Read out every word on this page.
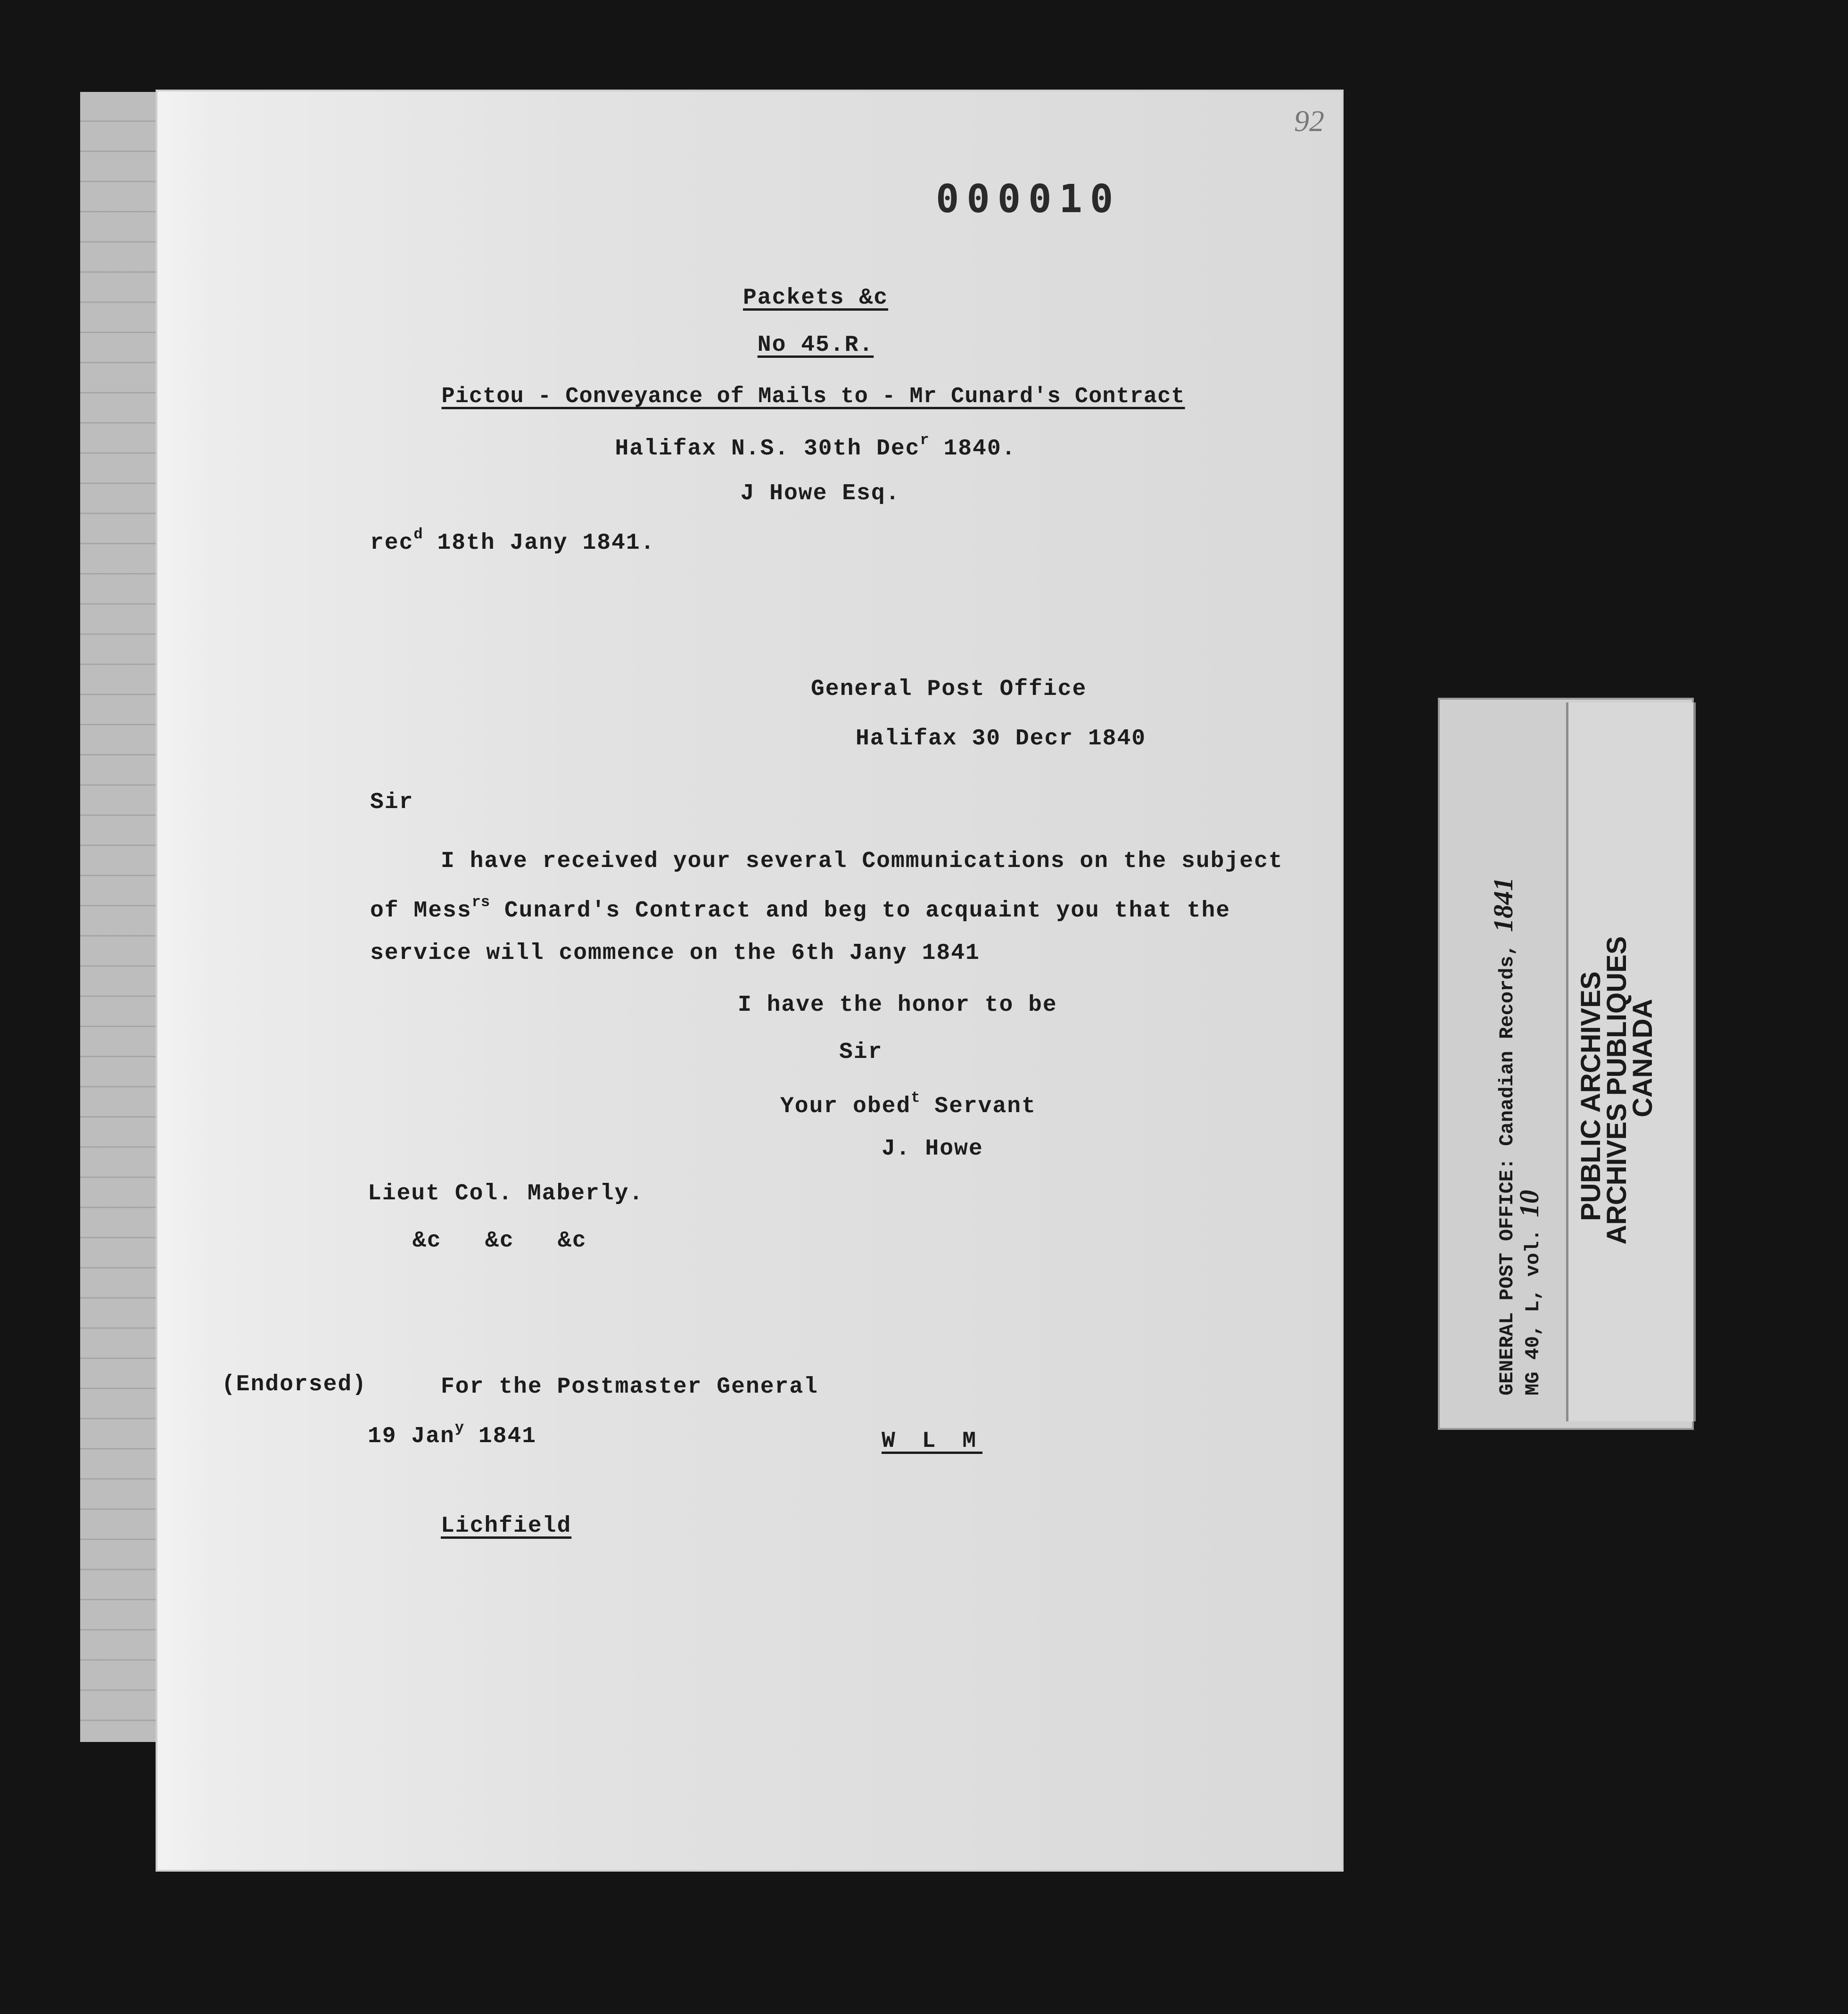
92
000010
Packets &c
No 45.R.
Pictou - Conveyance of Mails to - Mr Cunard's Contract
Halifax N.S. 30th Dec$^r$ 1840.
J Howe Esq.
rec$^d$ 18th Jany 1841.
General Post Office
Halifax 30 Decr 1840
Sir
I have received your several Communications on the subject
of Mess$^{rs}$ Cunard's Contract and beg to acquaint you that the
service will commence on the 6th Jany 1841
I have the honor to be
Sir
Your obed$^t$ Servant
J. Howe
Lieut Col. Maberly.
&c   &c   &c
(Endorsed)	For the Postmaster General
19 Jan$^y$ 1841	W L M
Lichfield
GENERAL POST OFFICE: Canadian Records, 1841
MG 40, L, vol. 10 PUBLIC ARCHIVES
ARCHIVES PUBLIQUES
CANADA
